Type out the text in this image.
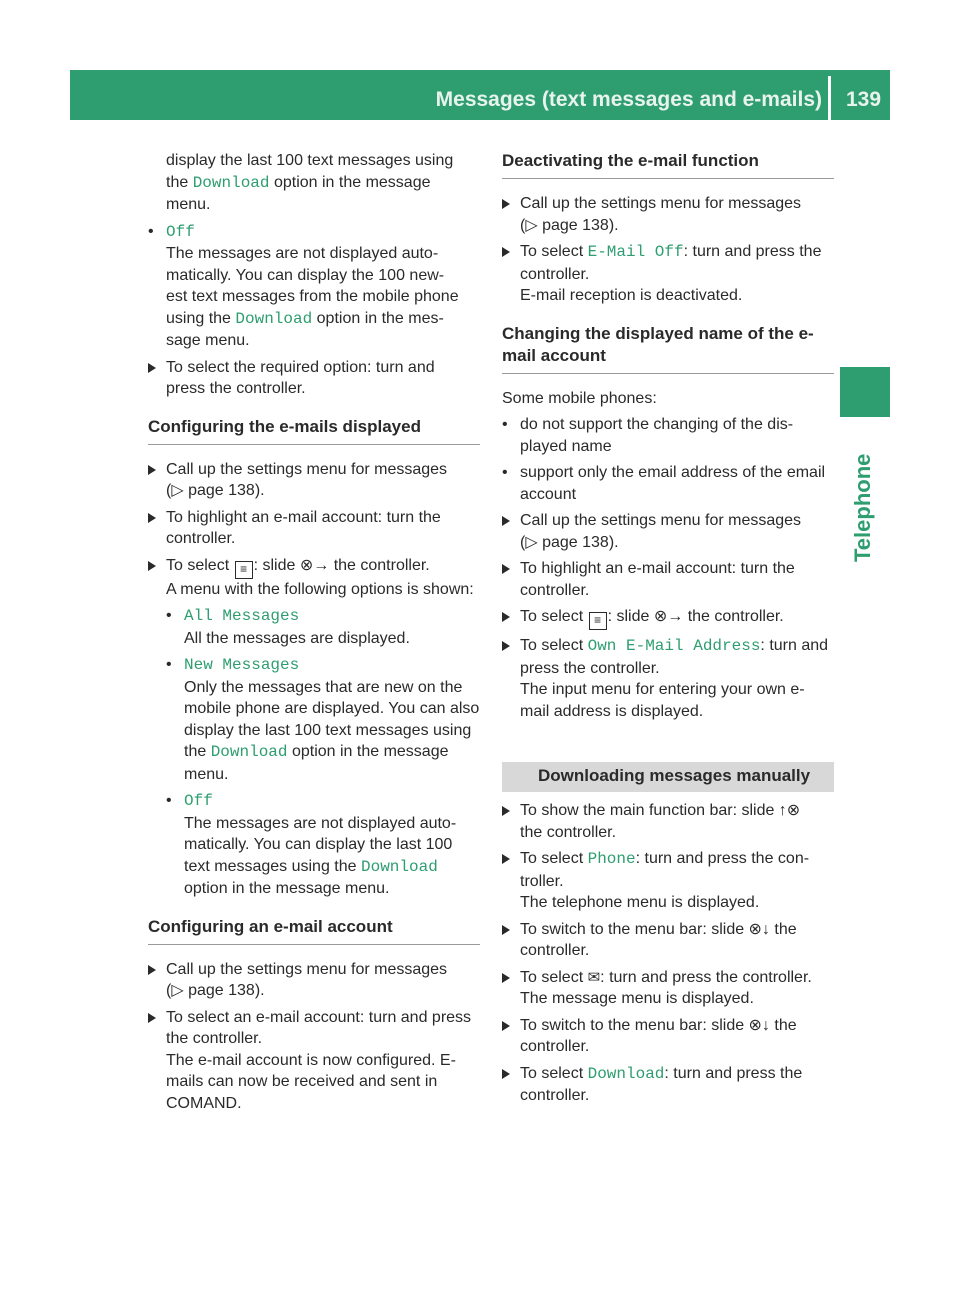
Messages (text messages and e-mails) 139
Telephone

display the last 100 text messages using

the Download option in the message

menu.

• Off

The messages are not displayed auto-

matically. You can display the 100 new-

est text messages from the mobile phone

using the Download option in the mes-

sage menu.

To select the required option: turn and

press the controller.

Configuring the e-mails displayed

Call up the settings menu for messages

(▷ page 138).

To highlight an e-mail account: turn the

controller.

To select ≡ : slide ⊗→ the controller.

A menu with the following options is shown:

• All Messages

All the messages are displayed.

• New Messages

Only the messages that are new on the

mobile phone are displayed. You can also

display the last 100 text messages using

the Download option in the message

menu.

• Off

The messages are not displayed auto-

matically. You can display the last 100

text messages using the Download

option in the message menu.

Configuring an e-mail account

Call up the settings menu for messages

(▷ page 138).

To select an e-mail account: turn and press

the controller.

The e-mail account is now configured. E-

mails can now be received and sent in

COMAND.

Deactivating the e-mail function

Call up the settings menu for messages

(▷ page 138).

To select E-Mail Off: turn and press the

controller.

E-mail reception is deactivated.

Changing the displayed name of the e-
mail account

Some mobile phones:

• do not support the changing of the dis-

played name

• support only the email address of the email

account

Call up the settings menu for messages

(▷ page 138).

To highlight an e-mail account: turn the

controller.

To select ≡ : slide ⊗→ the controller.

To select Own E-Mail Address: turn and

press the controller.

The input menu for entering your own e-

mail address is displayed.

Downloading messages manually

To show the main function bar: slide ↑⊗

the controller.

To select Phone: turn and press the con-

troller.

The telephone menu is displayed.

To switch to the menu bar: slide ⊗↓ the

controller.

To select ✉: turn and press the controller.

The message menu is displayed.

To switch to the menu bar: slide ⊗↓ the

controller.

To select Download: turn and press the

controller.
